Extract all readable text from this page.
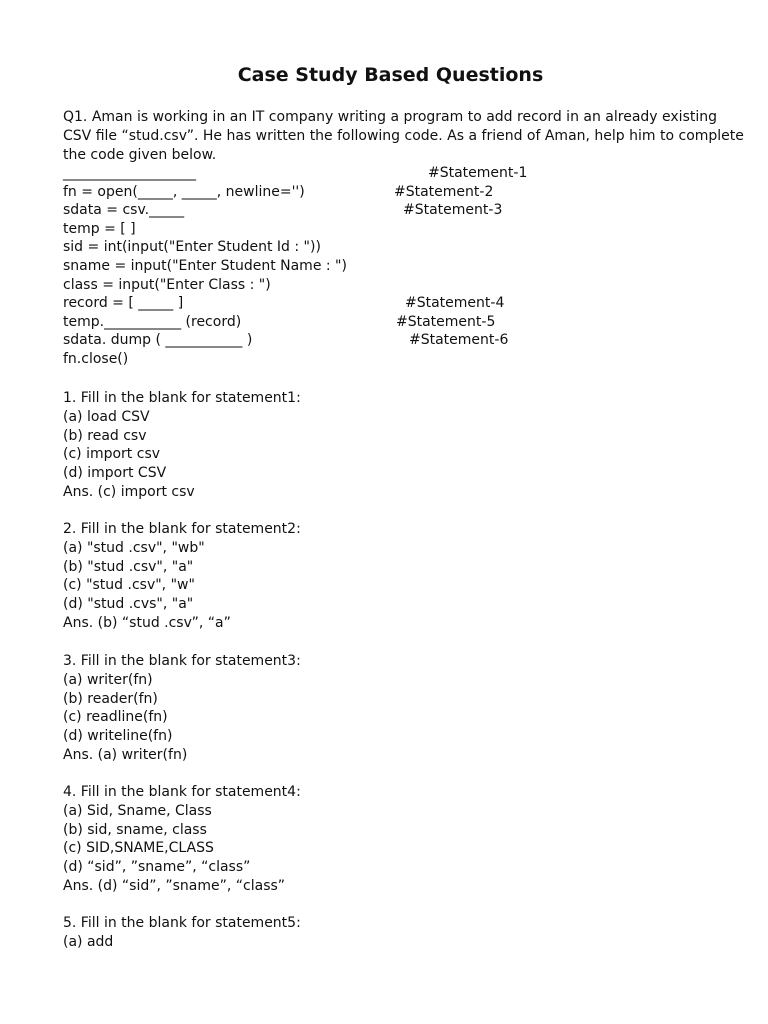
Case Study Based Questions

Q1. Aman is working in an IT company writing a program to add record in an already existing
CSV file “stud.csv”. He has written the following code. As a friend of Aman, help him to complete
the code given below.

___________________	#Statement-1
fn = open(_____, _____, newline='')	#Statement-2
sdata = csv._____	#Statement-3
temp = [ ]
sid = int(input("Enter Student Id : "))
sname = input("Enter Student Name : ")
class = input("Enter Class : ")
record = [ _____ ]	#Statement-4
temp.___________ (record)	#Statement-5
sdata. dump ( ___________ )	#Statement-6
fn.close()
1. Fill in the blank for statement1:
(a) load CSV
(b) read csv
(c) import csv
(d) import CSV
Ans. (c) import csv
2. Fill in the blank for statement2:
(a) "stud .csv", "wb"
(b) "stud .csv", "a"
(c) "stud .csv", "w"
(d) "stud .cvs", "a"
Ans. (b) “stud .csv”, “a”
3. Fill in the blank for statement3:
(a) writer(fn)
(b) reader(fn)
(c) readline(fn)
(d) writeline(fn)
Ans. (a) writer(fn)
4. Fill in the blank for statement4:
(a) Sid, Sname, Class
(b) sid, sname, class
(c) SID,SNAME,CLASS
(d) “sid”, ”sname”, “class”
Ans. (d) “sid”, ”sname”, “class”
5. Fill in the blank for statement5:
(a) add
